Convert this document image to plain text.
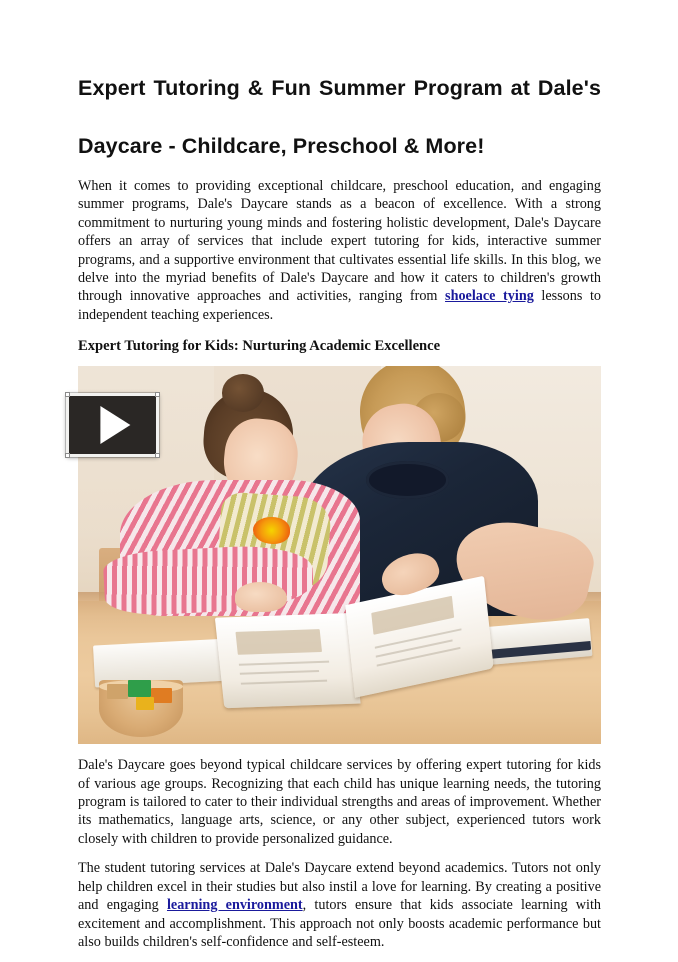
Expert Tutoring & Fun Summer Program at Dale's
Daycare - Childcare, Preschool & More!

When it comes to providing exceptional childcare, preschool education, and engaging summer programs, Dale's Daycare stands as a beacon of excellence. With a strong commitment to nurturing young minds and fostering holistic development, Dale's Daycare offers an array of services that include expert tutoring for kids, interactive summer programs, and a supportive environment that cultivates essential life skills. In this blog, we delve into the myriad benefits of Dale's Daycare and how it caters to children's growth through innovative approaches and activities, ranging from shoelace tying lessons to independent teaching experiences.

Expert Tutoring for Kids: Nurturing Academic Excellence

Dale's Daycare goes beyond typical childcare services by offering expert tutoring for kids of various age groups. Recognizing that each child has unique learning needs, the tutoring program is tailored to cater to their individual strengths and areas of improvement. Whether its mathematics, language arts, science, or any other subject, experienced tutors work closely with children to provide personalized guidance.

The student tutoring services at Dale's Daycare extend beyond academics. Tutors not only help children excel in their studies but also instil a love for learning. By creating a positive and engaging learning environment, tutors ensure that kids associate learning with excitement and accomplishment. This approach not only boosts academic performance but also builds children's self-confidence and self-esteem.
